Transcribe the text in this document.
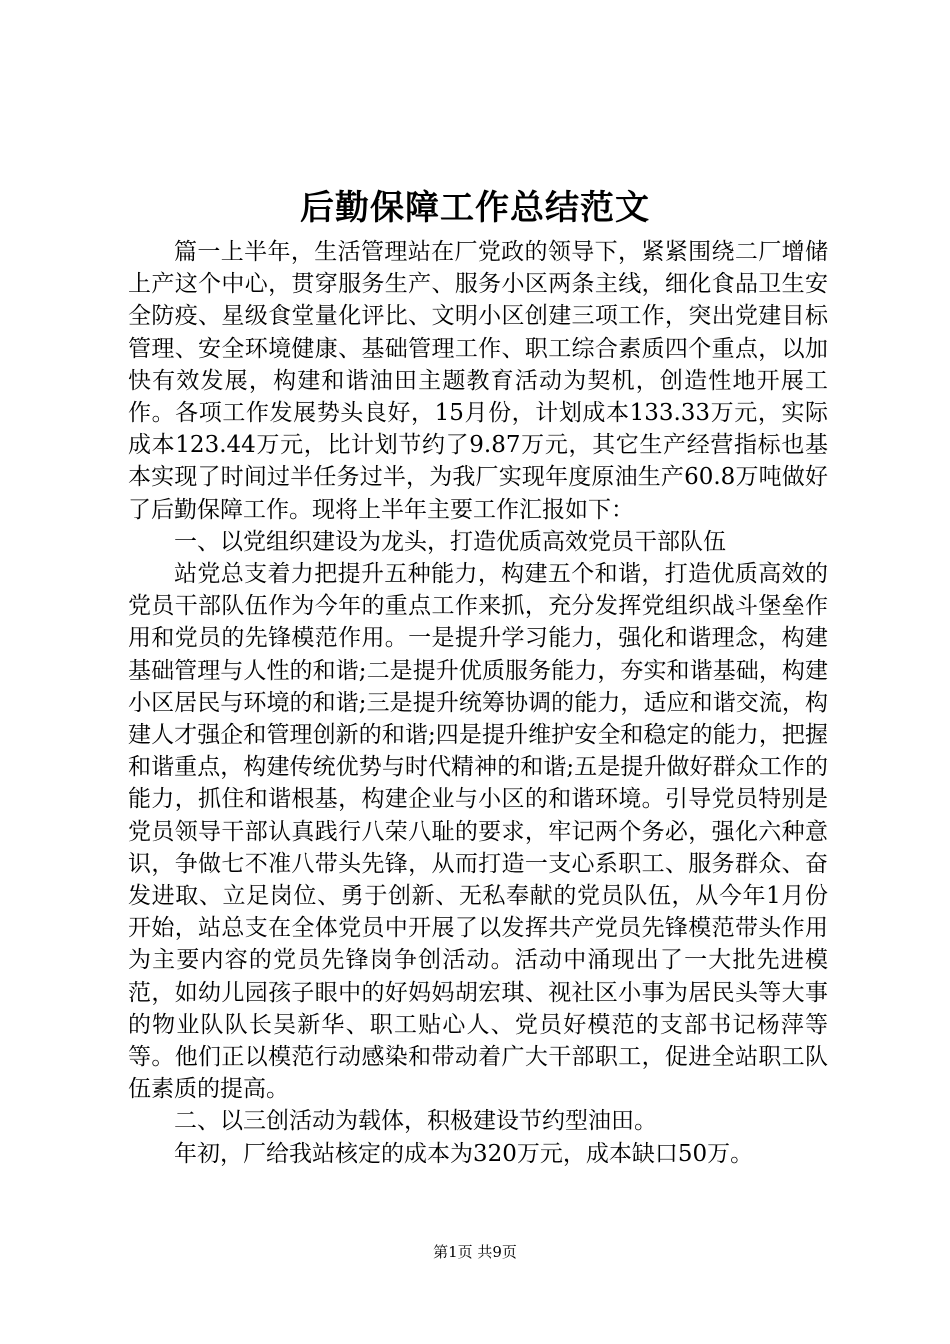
后勤保障工作总结范文

篇一上半年，生活管理站在厂党政的领导下，紧紧围绕二厂增储上产这个中心，贯穿服务生产、服务小区两条主线，细化食品卫生安全防疫、星级食堂量化评比、文明小区创建三项工作，突出党建目标管理、安全环境健康、基础管理工作、职工综合素质四个重点，以加快有效发展，构建和谐油田主题教育活动为契机，创造性地开展工作。各项工作发展势头良好，15月份，计划成本133.33万元，实际成本123.44万元，比计划节约了9.87万元，其它生产经营指标也基本实现了时间过半任务过半，为我厂实现年度原油生产60.8万吨做好了后勤保障工作。现将上半年主要工作汇报如下：

一、以党组织建设为龙头，打造优质高效党员干部队伍

站党总支着力把提升五种能力，构建五个和谐，打造优质高效的党员干部队伍作为今年的重点工作来抓，充分发挥党组织战斗堡垒作用和党员的先锋模范作用。一是提升学习能力，强化和谐理念，构建基础管理与人性的和谐;二是提升优质服务能力，夯实和谐基础，构建小区居民与环境的和谐;三是提升统筹协调的能力，适应和谐交流，构建人才强企和管理创新的和谐;四是提升维护安全和稳定的能力，把握和谐重点，构建传统优势与时代精神的和谐;五是提升做好群众工作的能力，抓住和谐根基，构建企业与小区的和谐环境。引导党员特别是党员领导干部认真践行八荣八耻的要求，牢记两个务必，强化六种意识，争做七不准八带头先锋，从而打造一支心系职工、服务群众、奋发进取、立足岗位、勇于创新、无私奉献的党员队伍，从今年1月份开始，站总支在全体党员中开展了以发挥共产党员先锋模范带头作用为主要内容的党员先锋岗争创活动。活动中涌现出了一大批先进模范，如幼儿园孩子眼中的好妈妈胡宏琪、视社区小事为居民头等大事的物业队队长吴新华、职工贴心人、党员好模范的支部书记杨萍等等。他们正以模范行动感染和带动着广大干部职工，促进全站职工队伍素质的提高。

二、以三创活动为载体，积极建设节约型油田。

年初，厂给我站核定的成本为320万元，成本缺口50万。

第1页 共9页
